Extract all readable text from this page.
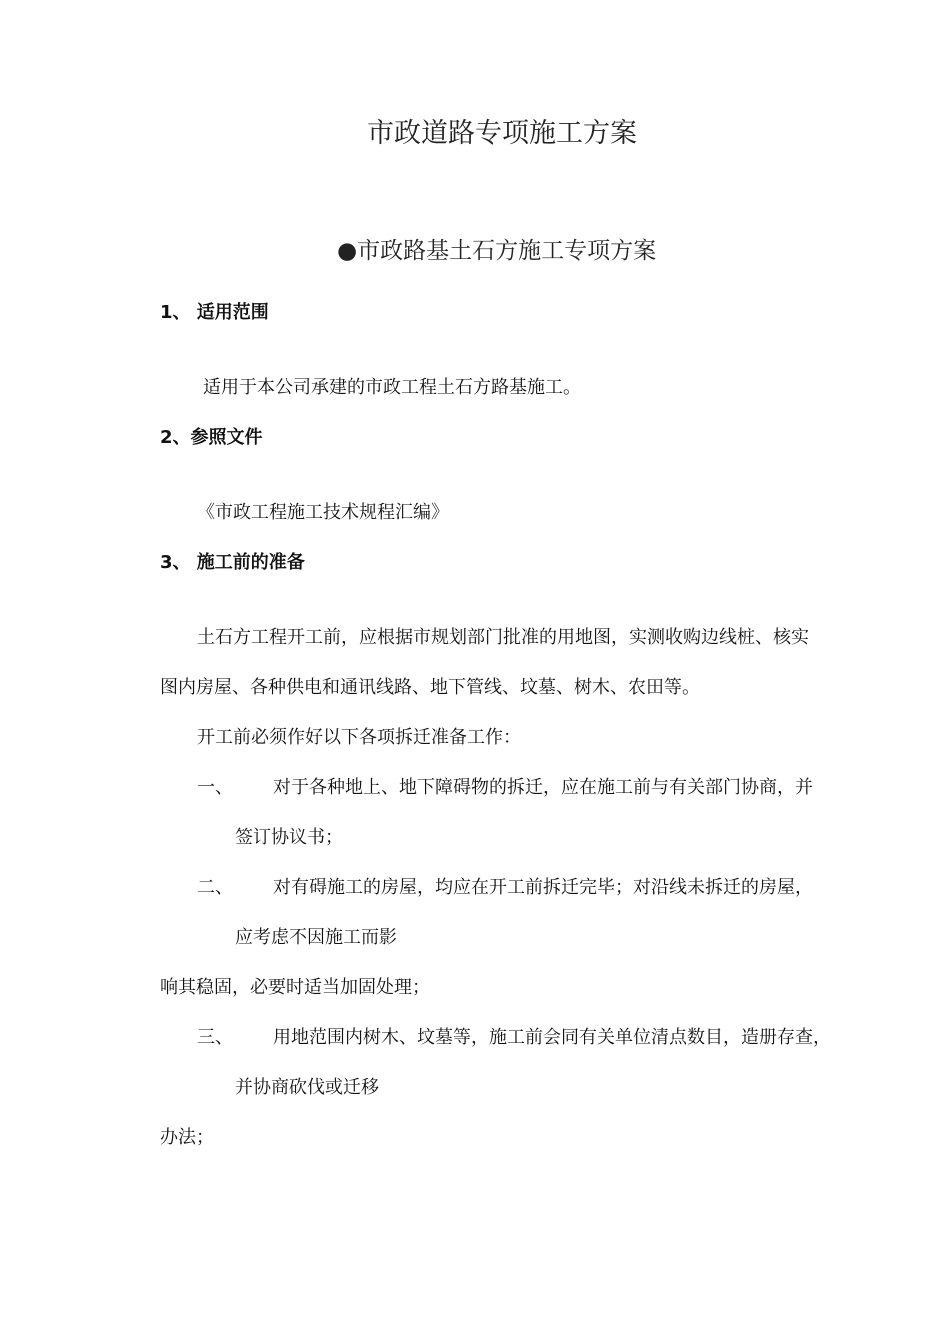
市政道路专项施工方案
●市政路基土石方施工专项方案
1、 适用范围
适用于本公司承建的市政工程土石方路基施工。
2、参照文件
《市政工程施工技术规程汇编》
3、 施工前的准备
土石方工程开工前，应根据市规划部门批准的用地图，实测收购边线桩、核实
图内房屋、各种供电和通讯线路、地下管线、坟墓、树木、农田等。
开工前必须作好以下各项拆迁准备工作：
一、 对于各种地上、地下障碍物的拆迁，应在施工前与有关部门协商，并
签订协议书；
二、 对有碍施工的房屋，均应在开工前拆迁完毕；对沿线未拆迁的房屋，
应考虑不因施工而影
响其稳固，必要时适当加固处理；
三、 用地范围内树木、坟墓等，施工前会同有关单位清点数目，造册存查，
并协商砍伐或迁移
办法；
